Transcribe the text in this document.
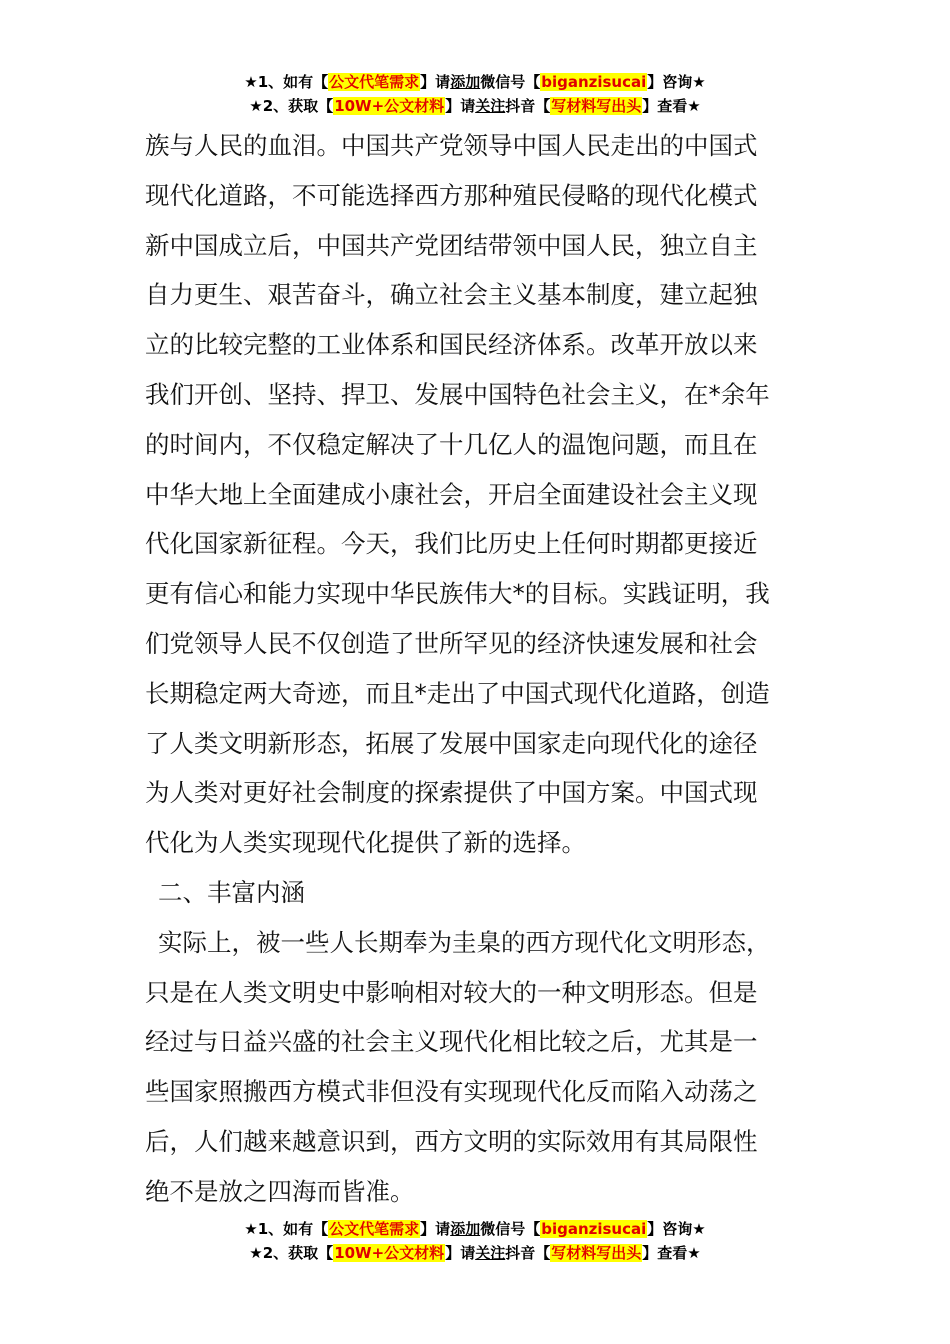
★1、如有【公文代笔需求】请添加微信号【biganzisucai】咨询★
★2、获取【10W+公文材料】请关注抖音【写材料写出头】查看★
族与人民的血泪。中国共产党领导中国人民走出的中国式
现代化道路，不可能选择西方那种殖民侵略的现代化模式
新中国成立后，中国共产党团结带领中国人民，独立自主
自力更生、艰苦奋斗，确立社会主义基本制度，建立起独
立的比较完整的工业体系和国民经济体系。改革开放以来
我们开创、坚持、捍卫、发展中国特色社会主义，在*余年
的时间内，不仅稳定解决了十几亿人的温饱问题，而且在
中华大地上全面建成小康社会，开启全面建设社会主义现
代化国家新征程。今天，我们比历史上任何时期都更接近
更有信心和能力实现中华民族伟大*的目标。实践证明，我
们党领导人民不仅创造了世所罕见的经济快速发展和社会
长期稳定两大奇迹，而且*走出了中国式现代化道路，创造
了人类文明新形态，拓展了发展中国家走向现代化的途径
为人类对更好社会制度的探索提供了中国方案。中国式现
代化为人类实现现代化提供了新的选择。
二、丰富内涵
实际上，被一些人长期奉为圭臬的西方现代化文明形态，
只是在人类文明史中影响相对较大的一种文明形态。但是
经过与日益兴盛的社会主义现代化相比较之后，尤其是一
些国家照搬西方模式非但没有实现现代化反而陷入动荡之
后，人们越来越意识到，西方文明的实际效用有其局限性
绝不是放之四海而皆准。
★1、如有【公文代笔需求】请添加微信号【biganzisucai】咨询★
★2、获取【10W+公文材料】请关注抖音【写材料写出头】查看★
